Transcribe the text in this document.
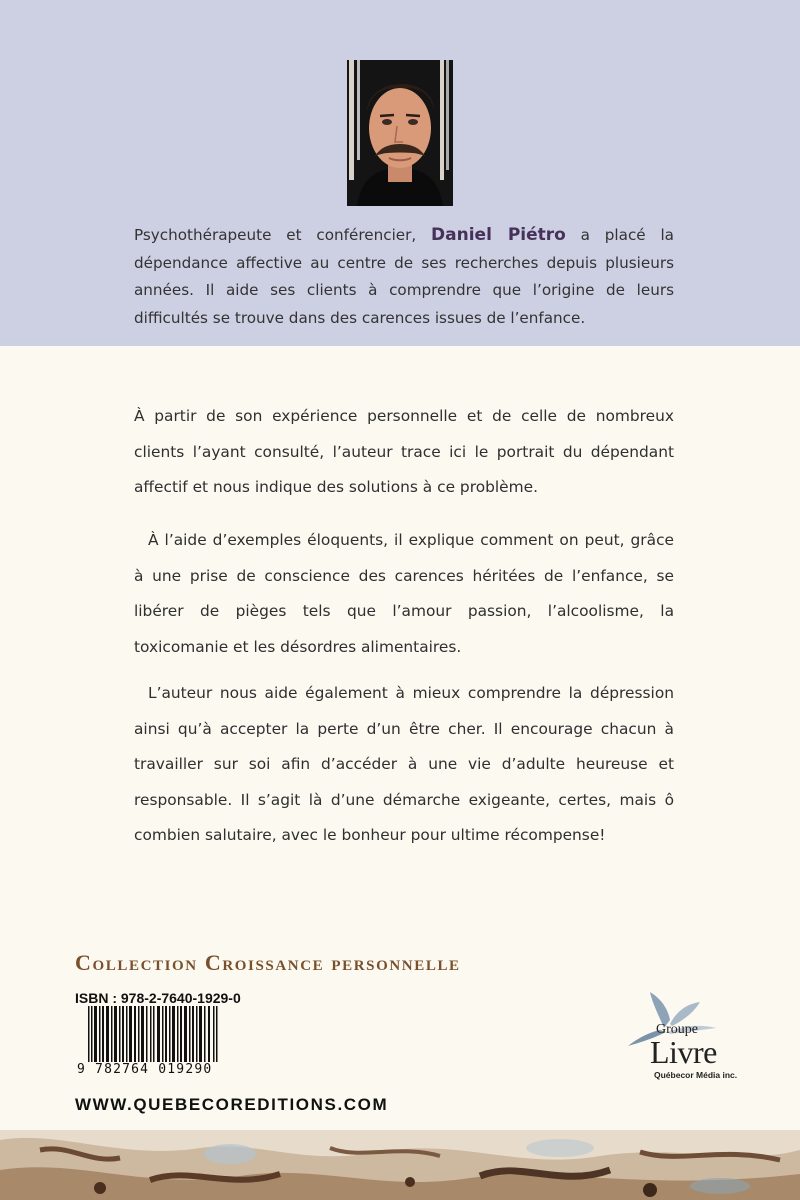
Psychothérapeute et conférencier, Daniel Piétro a placé la dépendance affective au centre de ses recherches depuis plusieurs années. Il aide ses clients à comprendre que l’origine de leurs difficultés se trouve dans des carences issues de l’enfance.

À partir de son expérience personnelle et de celle de nombreux clients l’ayant consulté, l’auteur trace ici le portrait du dépendant affectif et nous indique des solutions à ce problème.

À l’aide d’exemples éloquents, il explique comment on peut, grâce à une prise de conscience des carences héritées de l’enfance, se libérer de pièges tels que l’amour passion, l’alcoolisme, la toxicomanie et les désordres alimentaires.

L’auteur nous aide également à mieux comprendre la dépression ainsi qu’à accepter la perte d’un être cher. Il encourage chacun à travailler sur soi afin d’accéder à une vie d’adulte heureuse et responsable. Il s’agit là d’une démarche exigeante, certes, mais ô combien salutaire, avec le bonheur pour ultime récompense!

Collection Croissance personnelle
ISBN : 978-2-7640-1929-0
9 782764 019290
WWW.QUEBECOREDITIONS.COM
Groupe
Livre
Québecor Média inc.
